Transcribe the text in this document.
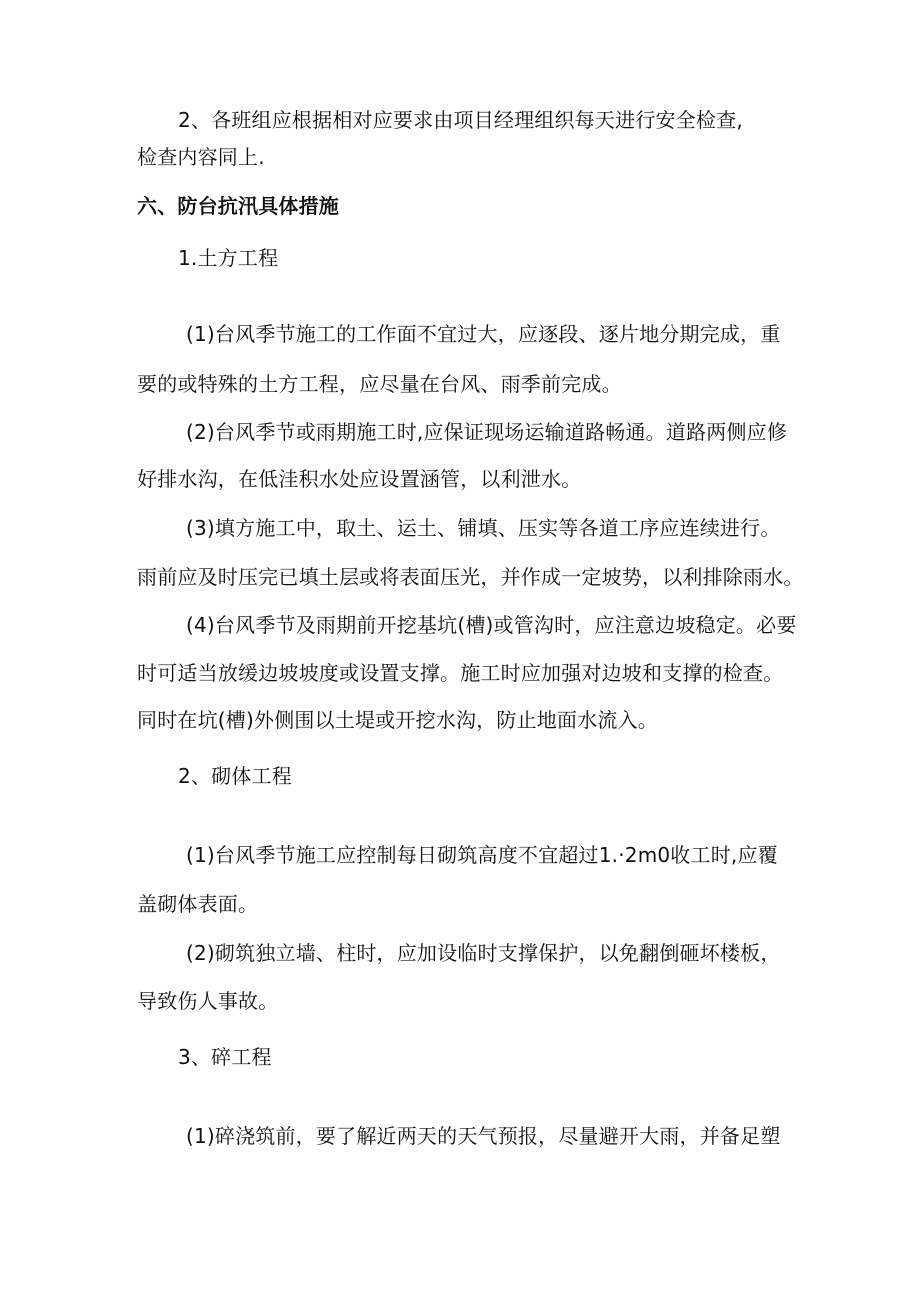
2、各班组应根据相对应要求由项目经理组织每天进行安全检查,
检查内容同上.
六、防台抗汛具体措施
1.土方工程
(1)台风季节施工的工作面不宜过大，应逐段、逐片地分期完成，重
要的或特殊的土方工程，应尽量在台风、雨季前完成。
(2)台风季节或雨期施工时,应保证现场运输道路畅通。道路两侧应修
好排水沟，在低洼积水处应设置涵管，以利泄水。
(3)填方施工中，取土、运土、铺填、压实等各道工序应连续进行。
雨前应及时压完已填土层或将表面压光，并作成一定坡势，以利排除雨水。
(4)台风季节及雨期前开挖基坑(槽)或管沟时，应注意边坡稳定。必要
时可适当放缓边坡坡度或设置支撑。施工时应加强对边坡和支撑的检查。
同时在坑(槽)外侧围以土堤或开挖水沟，防止地面水流入。
2、砌体工程
(1)台风季节施工应控制每日砌筑高度不宜超过1.·2m0收工时,应覆
盖砌体表面。
(2)砌筑独立墙、柱时，应加设临时支撑保护，以免翻倒砸坏楼板，
导致伤人事故。
3、碎工程
(1)碎浇筑前，要了解近两天的天气预报，尽量避开大雨，并备足塑
